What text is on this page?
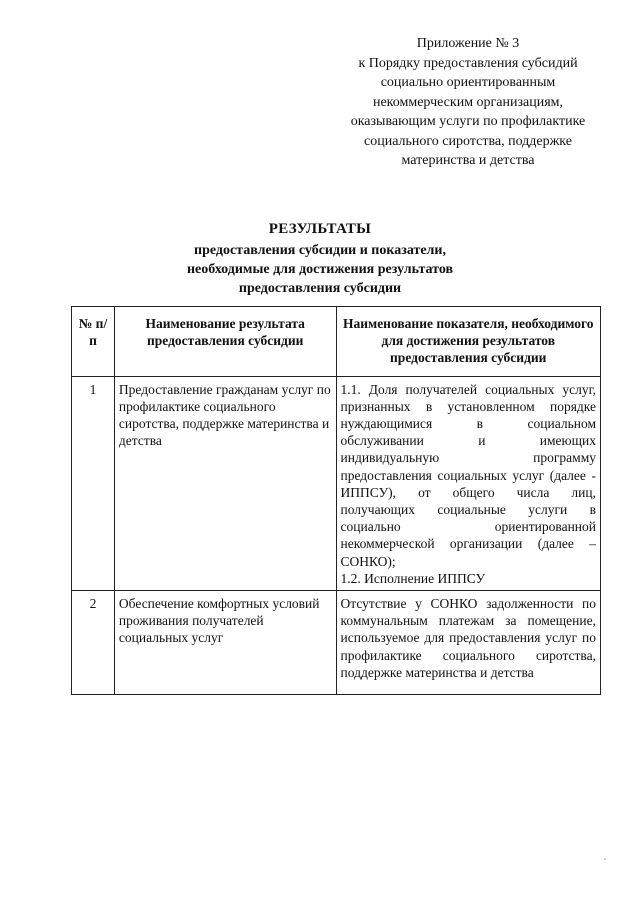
Приложение № 3
к Порядку предоставления субсидий
социально ориентированным
некоммерческим организациям,
оказывающим услуги по профилактике
социального сиротства, поддержке
материнства и детства
РЕЗУЛЬТАТЫ
предоставления субсидии и показатели,
необходимые для достижения результатов
предоставления субсидии
№ п/п	Наименование результата предоставления субсидии	Наименование показателя, необходимого для достижения результатов предоставления субсидии
1	Предоставление гражданам услуг по профилактике социального сиротства, поддержке материнства и детства	1.1. Доля получателей социальных услуг, признанных в установленном порядке нуждающимися в социальном обслуживании и имеющих индивидуальную программу предоставления социальных услуг (далее - ИППСУ), от общего числа лиц, получающих социальные услуги в социально ориентированной некоммерческой организации (далее – СОНКО);
1.2. Исполнение ИППСУ

2	Обеспечение комфортных условий проживания получателей социальных услуг	Отсутствие у СОНКО задолженности по коммунальным платежам за помещение, используемое для предоставления услуг по профилактике социального сиротства, поддержке материнства и детства
